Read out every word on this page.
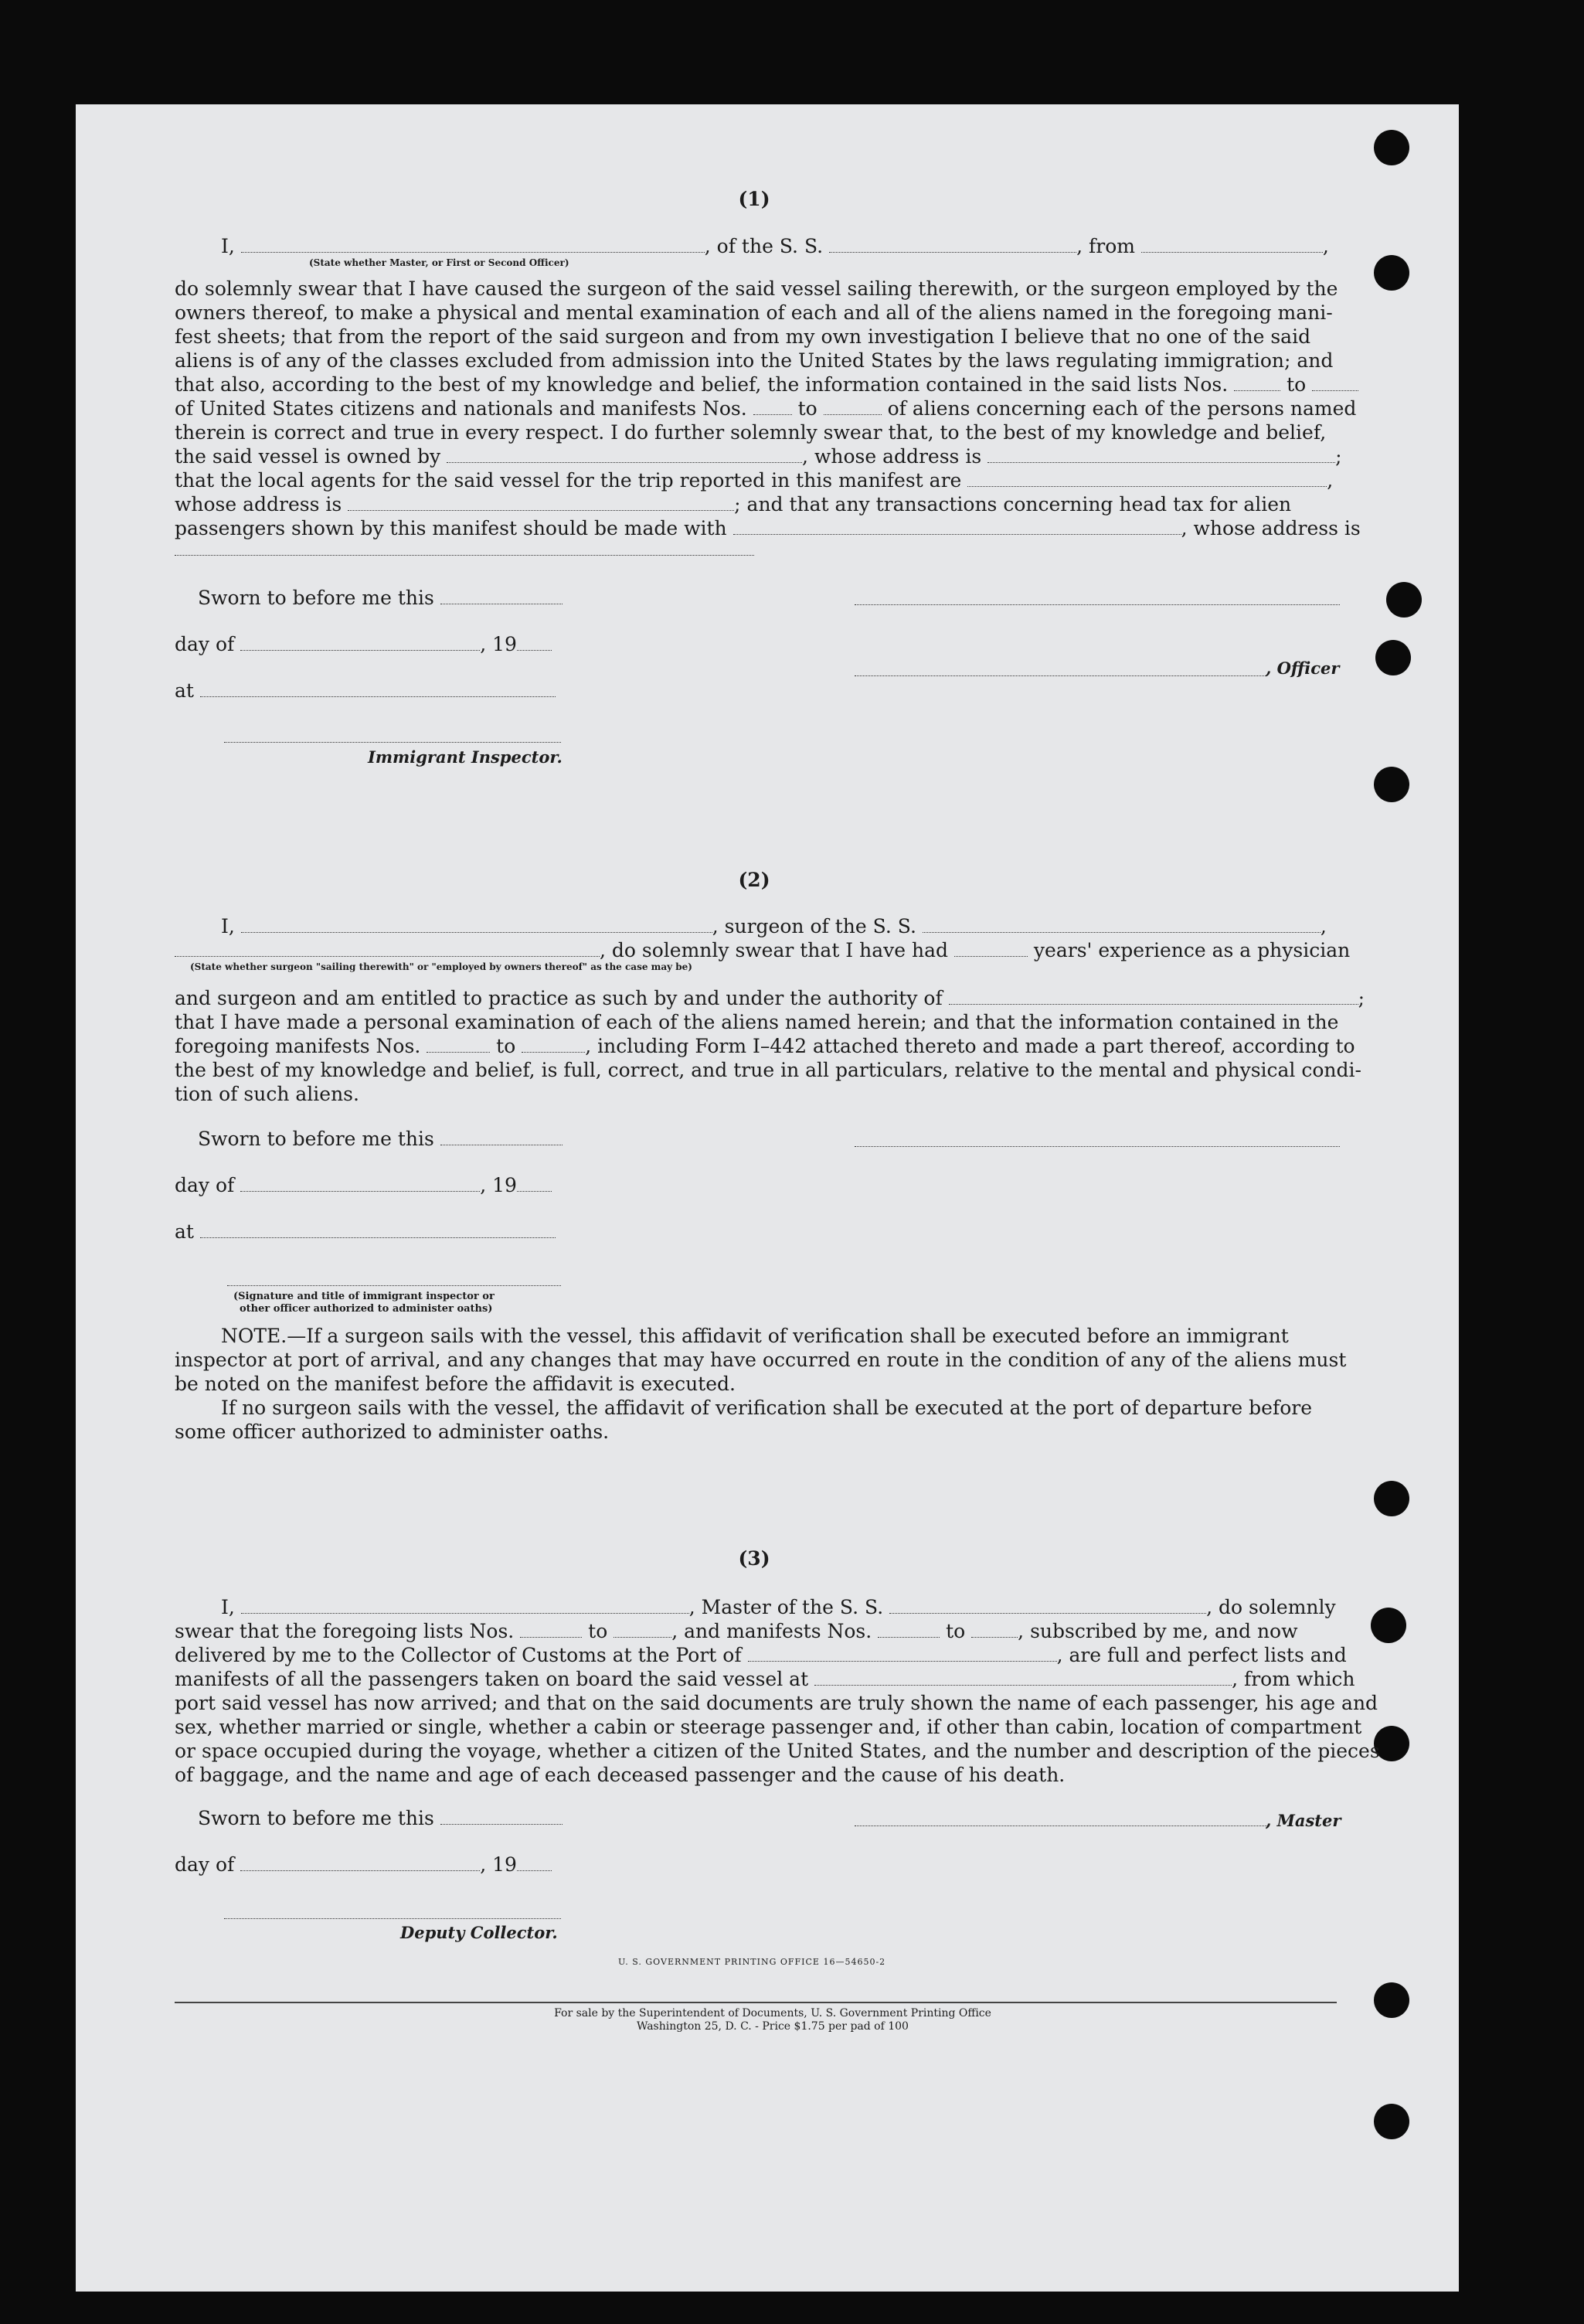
(1)
I,	, of the S. S.	, from	,
(State whether Master, or First or Second Officer)
do solemnly swear that I have caused the surgeon of the said vessel sailing therewith, or the surgeon employed by the
owners thereof, to make a physical and mental examination of each and all of the aliens named in the foregoing mani-
fest sheets; that from the report of the said surgeon and from my own investigation I believe that no one of the said
aliens is of any of the classes excluded from admission into the United States by the laws regulating immigration; and
that also, according to the best of my knowledge and belief, the information contained in the said lists Nos.	to
of United States citizens and nationals and manifests Nos.	to	of aliens concerning each of the persons named
therein is correct and true in every respect. I do further solemnly swear that, to the best of my knowledge and belief,
the said vessel is owned by	, whose address is	;
that the local agents for the said vessel for the trip reported in this manifest are	,
whose address is	; and that any transactions concerning head tax for alien
passengers shown by this manifest should be made with	, whose address is
Sworn to before me this
day of	, 19
at
Immigrant Inspector.
, Officer
(2)
I,	, surgeon of the S. S.	,
, do solemnly swear that I have had	years' experience as a physician
(State whether surgeon "sailing therewith" or "employed by owners thereof" as the case may be)
and surgeon and am entitled to practice as such by and under the authority of	;
that I have made a personal examination of each of the aliens named herein; and that the information contained in the
foregoing manifests Nos.	to	, including Form I–442 attached thereto and made a part thereof, according to
the best of my knowledge and belief, is full, correct, and true in all particulars, relative to the mental and physical condi-
tion of such aliens.
Sworn to before me this
day of	, 19
at
(Signature and title of immigrant inspector or
other officer authorized to administer oaths)
NOTE.—If a surgeon sails with the vessel, this affidavit of verification shall be executed before an immigrant
inspector at port of arrival, and any changes that may have occurred en route in the condition of any of the aliens must
be noted on the manifest before the affidavit is executed.
If no surgeon sails with the vessel, the affidavit of verification shall be executed at the port of departure before
some officer authorized to administer oaths.
(3)
I,	, Master of the S. S.	, do solemnly
swear that the foregoing lists Nos.	to	, and manifests Nos.	to	, subscribed by me, and now
delivered by me to the Collector of Customs at the Port of	, are full and perfect lists and
manifests of all the passengers taken on board the said vessel at	, from which
port said vessel has now arrived; and that on the said documents are truly shown the name of each passenger, his age and
sex, whether married or single, whether a cabin or steerage passenger and, if other than cabin, location of compartment
or space occupied during the voyage, whether a citizen of the United States, and the number and description of the pieces
of baggage, and the name and age of each deceased passenger and the cause of his death.
Sworn to before me this	, Master
day of	, 19
Deputy Collector.
U. S. GOVERNMENT PRINTING OFFICE 16—54650-2
For sale by the Superintendent of Documents, U. S. Government Printing Office
Washington 25, D. C. - Price $1.75 per pad of 100
